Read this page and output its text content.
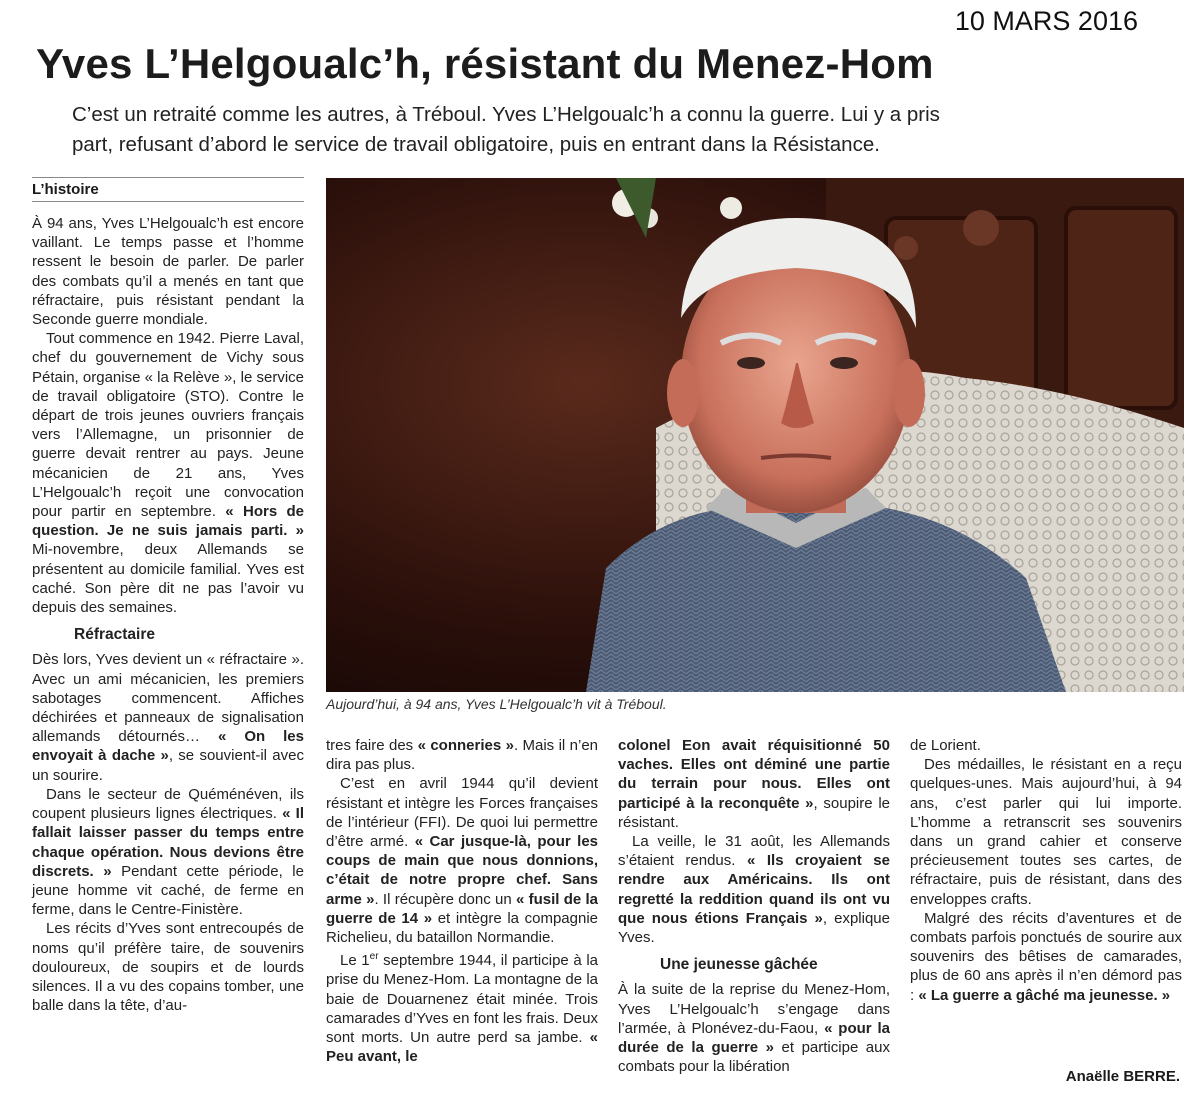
10 MARS 2016
Yves L’Helgoualc’h, résistant du Menez-Hom
C’est un retraité comme les autres, à Tréboul. Yves L’Helgoualc’h a connu la guerre. Lui y a pris part, refusant d’abord le service de travail obligatoire, puis en entrant dans la Résistance.
L’histoire

À 94 ans, Yves L’Helgoualc’h est encore vaillant. Le temps passe et l’homme ressent le besoin de parler. De parler des combats qu’il a menés en tant que réfractaire, puis résistant pendant la Seconde guerre mondiale.

Tout commence en 1942. Pierre Laval, chef du gouvernement de Vichy sous Pétain, organise « la Relève », le service de travail obligatoire (STO). Contre le départ de trois jeunes ouvriers français vers l’Allemagne, un prisonnier de guerre devait rentrer au pays. Jeune mécanicien de 21 ans, Yves L’Helgoualc’h reçoit une convocation pour partir en septembre. « Hors de question. Je ne suis jamais parti. » Mi-novembre, deux Allemands se présentent au domicile familial. Yves est caché. Son père dit ne pas l’avoir vu depuis des semaines.

Réfractaire

Dès lors, Yves devient un « réfractaire ». Avec un ami mécanicien, les premiers sabotages commencent. Affiches déchirées et panneaux de signalisation allemands détournés… « On les envoyait à dache », se souvient-il avec un sourire.

Dans le secteur de Quéménéven, ils coupent plusieurs lignes électriques. « Il fallait laisser passer du temps entre chaque opération. Nous devions être discrets. » Pendant cette période, le jeune homme vit caché, de ferme en ferme, dans le Centre-Finistère.

Les récits d’Yves sont entrecoupés de noms qu’il préfère taire, de souvenirs douloureux, de soupirs et de lourds silences. Il a vu des copains tomber, une balle dans la tête, d’au-

Aujourd’hui, à 94 ans, Yves L’Helgoualc’h vit à Tréboul.

tres faire des « conneries ». Mais il n’en dira pas plus.

C’est en avril 1944 qu’il devient résistant et intègre les Forces françaises de l’intérieur (FFI). De quoi lui permettre d’être armé. « Car jusque-là, pour les coups de main que nous donnions, c’était de notre propre chef. Sans arme ». Il récupère donc un « fusil de la guerre de 14 » et intègre la compagnie Richelieu, du bataillon Normandie.

Le 1er septembre 1944, il participe à la prise du Menez-Hom. La montagne de la baie de Douarnenez était minée. Trois camarades d’Yves en font les frais. Deux sont morts. Un autre perd sa jambe. « Peu avant, le

colonel Eon avait réquisitionné 50 vaches. Elles ont déminé une partie du terrain pour nous. Elles ont participé à la reconquête », soupire le résistant.

La veille, le 31 août, les Allemands s’étaient rendus. « Ils croyaient se rendre aux Américains. Ils ont regretté la reddition quand ils ont vu que nous étions Français », explique Yves.

Une jeunesse gâchée

À la suite de la reprise du Menez-Hom, Yves L’Helgoualc’h s’engage dans l’armée, à Plonévez-du-Faou, « pour la durée de la guerre » et participe aux combats pour la libération

de Lorient.

Des médailles, le résistant en a reçu quelques-unes. Mais aujourd’hui, à 94 ans, c’est parler qui lui importe. L’homme a retranscrit ses souvenirs dans un grand cahier et conserve précieusement toutes ses cartes, de réfractaire, puis de résistant, dans des enveloppes crafts.

Malgré des récits d’aventures et de combats parfois ponctués de sourire aux souvenirs des bêtises de camarades, plus de 60 ans après il n’en démord pas : « La guerre a gâché ma jeunesse. »

Anaëlle BERRE.
